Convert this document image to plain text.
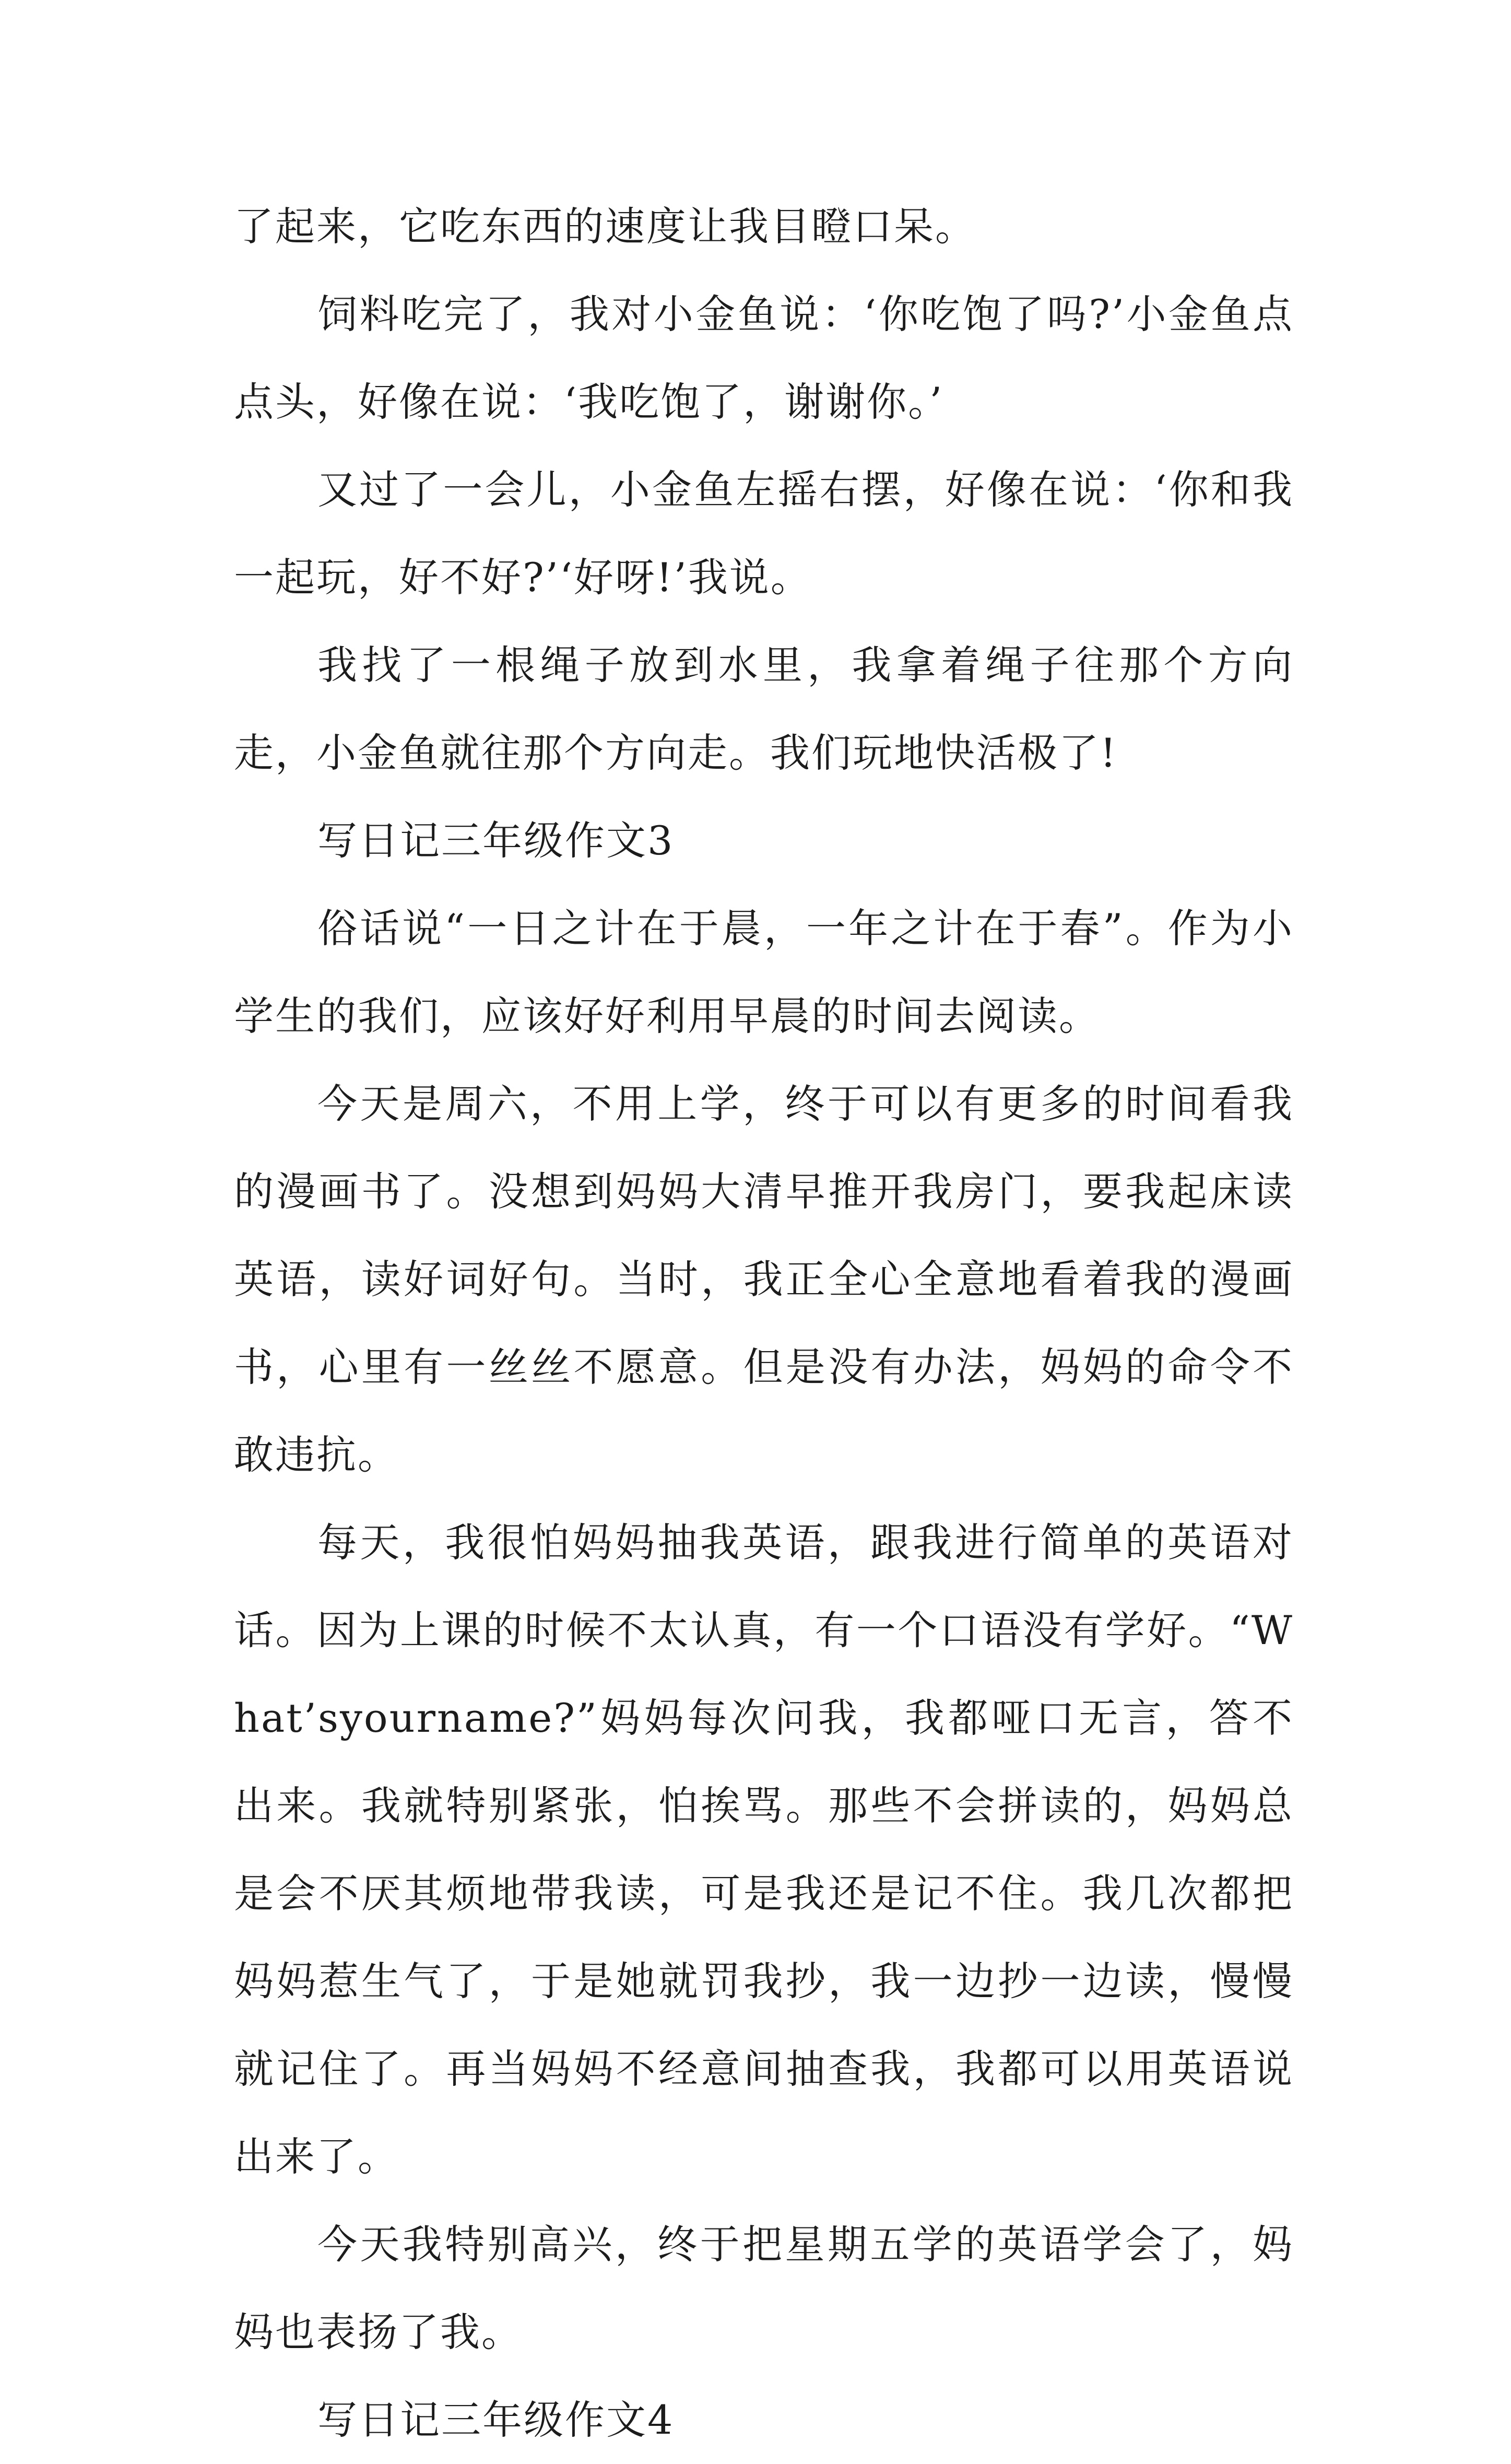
了起来，它吃东西的速度让我目瞪口呆。

饲料吃完了，我对小金鱼说：‘你吃饱了吗?’小金鱼点点头，好像在说：‘我吃饱了，谢谢你。’

又过了一会儿，小金鱼左摇右摆，好像在说：‘你和我一起玩，好不好?’‘好呀!’我说。

我找了一根绳子放到水里，我拿着绳子往那个方向走，小金鱼就往那个方向走。我们玩地快活极了!

写日记三年级作文3

俗话说“一日之计在于晨，一年之计在于春”。作为小学生的我们，应该好好利用早晨的时间去阅读。

今天是周六，不用上学，终于可以有更多的时间看我的漫画书了。没想到妈妈大清早推开我房门，要我起床读英语，读好词好句。当时，我正全心全意地看着我的漫画书，心里有一丝丝不愿意。但是没有办法，妈妈的命令不敢违抗。

每天，我很怕妈妈抽我英语，跟我进行简单的英语对话。因为上课的时候不太认真，有一个口语没有学好。“What’syourname?”妈妈每次问我，我都哑口无言，答不出来。我就特别紧张，怕挨骂。那些不会拼读的，妈妈总是会不厌其烦地带我读，可是我还是记不住。我几次都把妈妈惹生气了，于是她就罚我抄，我一边抄一边读，慢慢就记住了。再当妈妈不经意间抽查我，我都可以用英语说出来了。

今天我特别高兴，终于把星期五学的英语学会了，妈妈也表扬了我。

写日记三年级作文4
